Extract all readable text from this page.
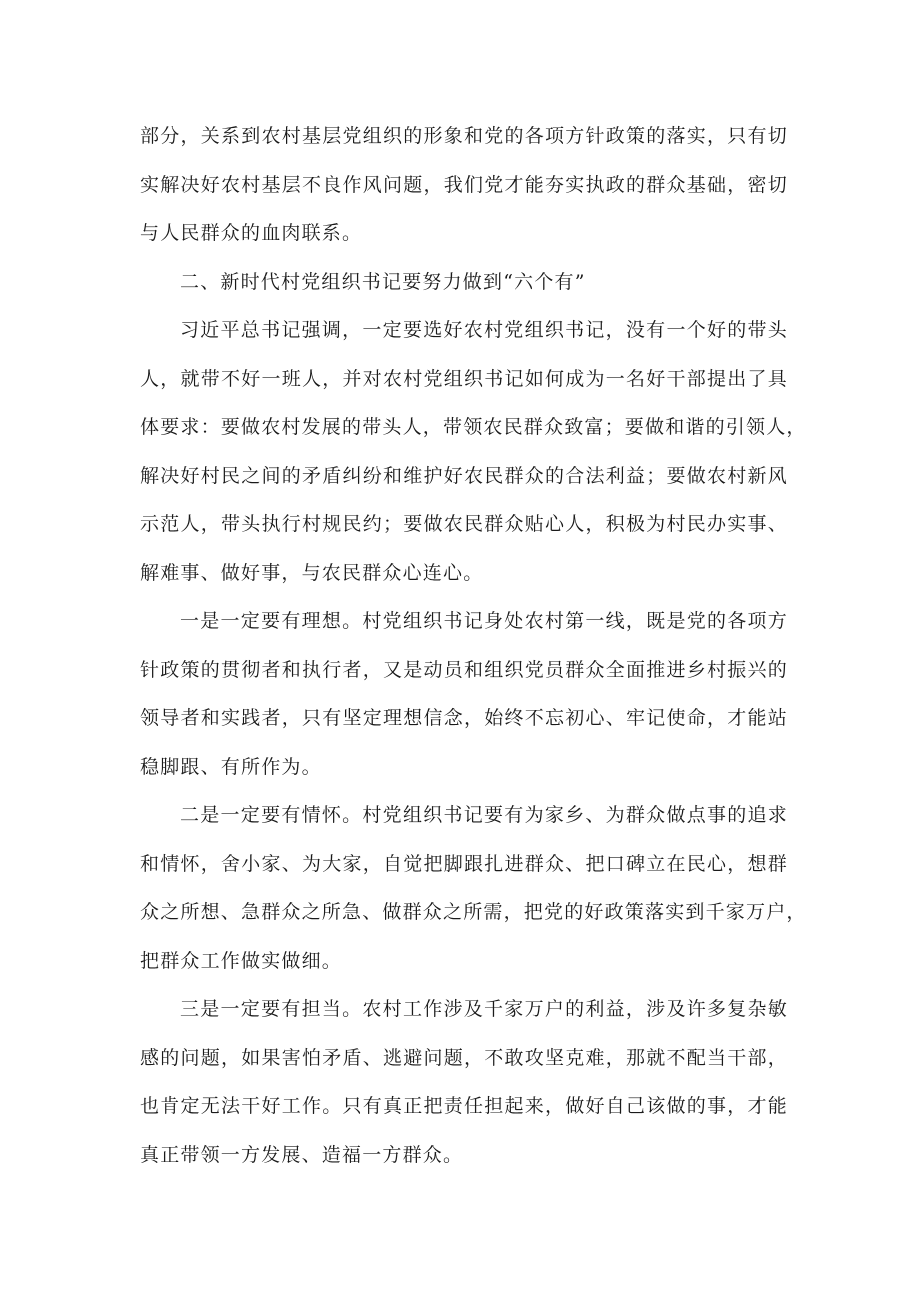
部分，关系到农村基层党组织的形象和党的各项方针政策的落实，只有切
实解决好农村基层不良作风问题，我们党才能夯实执政的群众基础，密切
与人民群众的血肉联系。
二、新时代村党组织书记要努力做到“六个有”
习近平总书记强调，一定要选好农村党组织书记，没有一个好的带头
人，就带不好一班人，并对农村党组织书记如何成为一名好干部提出了具
体要求：要做农村发展的带头人，带领农民群众致富；要做和谐的引领人，
解决好村民之间的矛盾纠纷和维护好农民群众的合法利益；要做农村新风
示范人，带头执行村规民约；要做农民群众贴心人，积极为村民办实事、
解难事、做好事，与农民群众心连心。
一是一定要有理想。村党组织书记身处农村第一线，既是党的各项方
针政策的贯彻者和执行者，又是动员和组织党员群众全面推进乡村振兴的
领导者和实践者，只有坚定理想信念，始终不忘初心、牢记使命，才能站
稳脚跟、有所作为。
二是一定要有情怀。村党组织书记要有为家乡、为群众做点事的追求
和情怀，舍小家、为大家，自觉把脚跟扎进群众、把口碑立在民心，想群
众之所想、急群众之所急、做群众之所需，把党的好政策落实到千家万户，
把群众工作做实做细。
三是一定要有担当。农村工作涉及千家万户的利益，涉及许多复杂敏
感的问题，如果害怕矛盾、逃避问题，不敢攻坚克难，那就不配当干部，
也肯定无法干好工作。只有真正把责任担起来，做好自己该做的事，才能
真正带领一方发展、造福一方群众。
